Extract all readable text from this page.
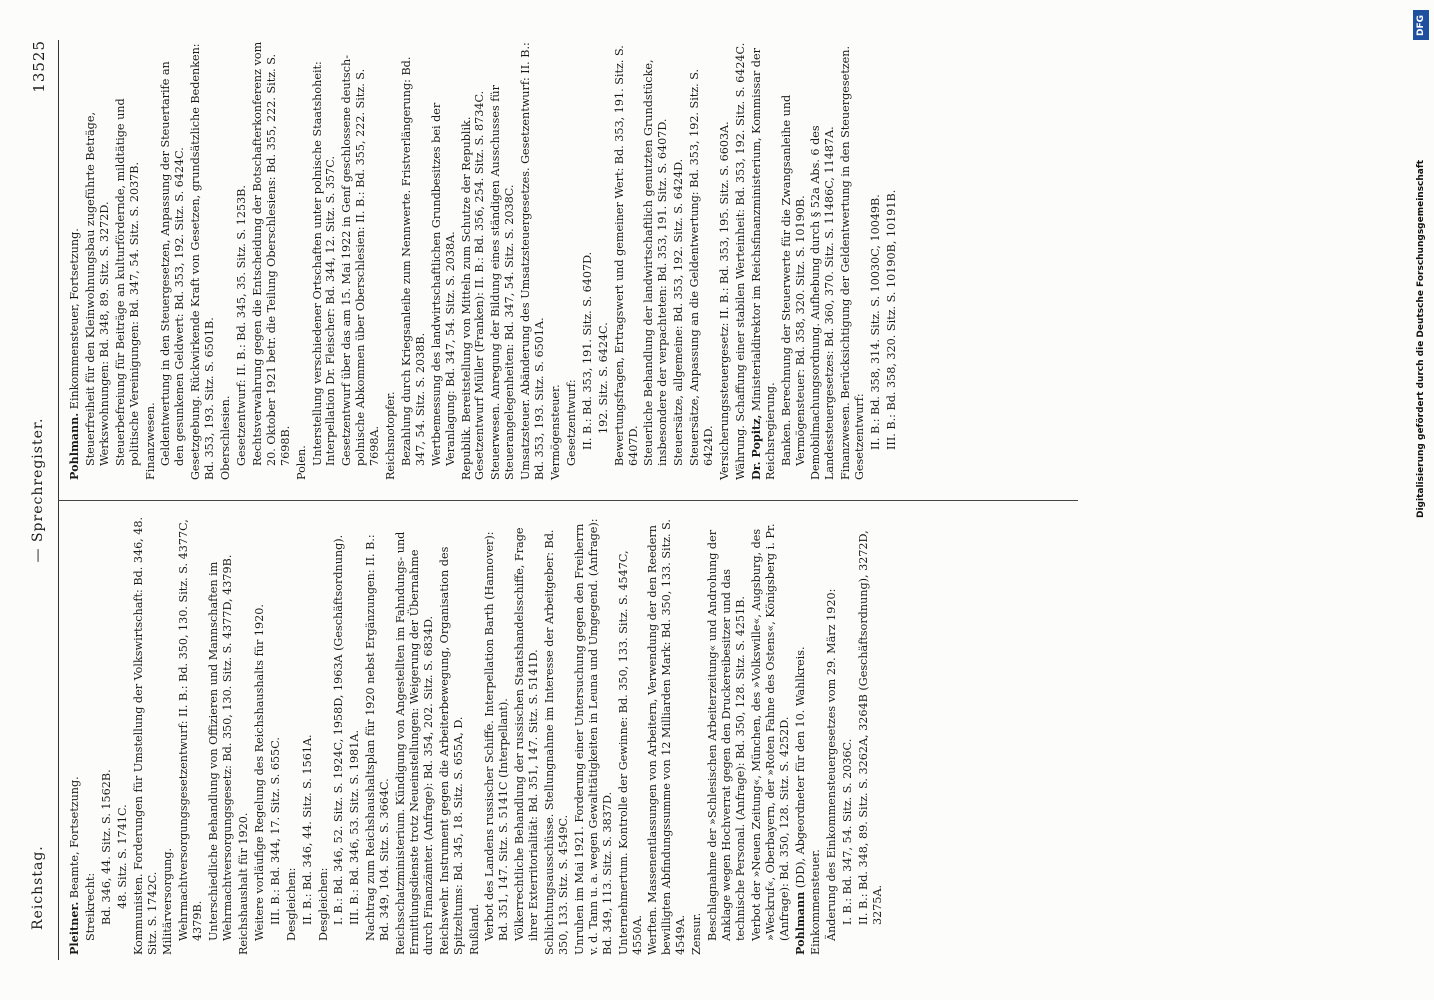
Reichstag.
— Sprechregister.
13525
Pleitner. Beamte, Fortsetzung.
Streikrecht: Bd. 346, 44. Sitz. S. 1562B. 48. Sitz. S. 1741C. Kommunisten. Forderungen für Umstellung der Volkswirtschaft: Bd. 346, 48. Sitz. S. 1742C. Militärversorgung. Wehrmachtversorgungsgesetzentwurf: II. B.: Bd. 350, 130. Sitz. S. 4377C, 4379B. Unterschiedliche Behandlung von Offizieren und Mannschaften im Wehrmachtversorgungsgesetz: Bd. 350, 130. Sitz. S. 4377D, 4379B. Reichshaushalt für 1920. Weitere vorläufige Regelung des Reichshaushalts für 1920. III. B.: Bd. 344, 17. Sitz. S. 655C. Desgleichen: II. B.: Bd. 346, 44. Sitz. S. 1561A. Desgleichen: I. B.: Bd. 346, 52. Sitz. S. 1924C, 1958D, 1963A (Geschäftsordnung). III. B.: Bd. 346, 53. Sitz. S. 1981A. Nachtrag zum Reichshaushaltsplan für 1920 nebst Ergänzungen: II. B.: Bd. 349, 104. Sitz. S. 3664C. Reichsschatzministerium. Kündigung von Angestellten im Fahndungs- und Ermittlungsdienste trotz Neueinstellungen: Weigerung der Übernahme durch Finanzämter. (Anfrage): Bd. 354, 202. Sitz. S. 6834D. Reichswehr. Instrument gegen die Arbeiterbewegung, Organisation des Spitzeltums: Bd. 345, 18. Sitz. S. 655A, D. Rußland. Verbot des Landens russischer Schiffe. Interpellation Barth (Hannover): Bd. 351, 147. Sitz. S. 5141C (Interpellant). Völkerrechtliche Behandlung der russischen Staatshandelsschiffe, Frage ihrer Exterritorialität: Bd. 351, 147. Sitz. S. 5141D. Schlichtungsausschüsse. Stellungnahme im Interesse der Arbeitgeber: Bd. 350, 133. Sitz. S. 4549C. Unruhen im Mai 1921. Forderung einer Untersuchung gegen den Freiherrn v. d. Tann u. a. wegen Gewalttätigkeiten in Leuna und Umgegend. (Anfrage): Bd. 349, 113. Sitz. S. 3837D. Unternehmertum. Kontrolle der Gewinne: Bd. 350, 133. Sitz. S. 4547C, 4550A. Werften. Massenentlassungen von Arbeitern, Verwendung der den Reedern bewilligten Abfindungssumme von 12 Milliarden Mark: Bd. 350, 133. Sitz. S. 4549A. Zensur. Beschlagnahme der »Schlesischen Arbeiterzeitung« und Androhung der Anklage wegen Hochverrat gegen den Druckereibesitzer und das technische Personal. (Anfrage): Bd. 350, 128. Sitz. S. 4251B. Verbot der »Neuen Zeitung«, München, des »Volkswille«, Augsburg, des »Weckruf«, Oberbayern, der »Roten Fahne des Ostens«, Königsberg i. Pr. (Anfrage): Bd. 350, 128. Sitz. S. 4252D. Pohlmann (DD), Abgeordneter für den 10. Wahlkreis.
Einkommensteuer. Änderung des Einkommensteuergesetzes vom 29. März 1920: I. B.: Bd. 347, 54. Sitz. S. 2036C. II. B.: Bd. 348, 89. Sitz. S. 3262A, 3264B (Geschäftsordnung), 3272D, 3275A.
Pohlmann. Einkommensteuer, Fortsetzung. Steuerfreiheit für den Kleinwohnungsbau zugeführte Beträge, Werkswohnungen: Bd. 348, 89. Sitz. S. 3272D. Steuerbefreiung für Beiträge an kulturfördernde, mildtätige und politische Vereinigungen: Bd. 347, 54. Sitz. S. 2037B. Finanzwesen. Geldentwertung in den Steuergesetzen, Anpassung der Steuertarife an den gesunkenen Geldwert: Bd. 353, 192. Sitz. S. 6424C. Gesetzgebung. Rückwirkende Kraft von Gesetzen, grundsätzliche Bedenken: Bd. 353, 193. Sitz. S. 6501B. Oberschlesien. Gesetzentwurf: II. B.: Bd. 345, 35. Sitz. S. 1253B. Rechtsverwahrung gegen die Entscheidung der Botschafterkonferenz vom 20. Oktober 1921 betr. die Teilung Oberschlesiens: Bd. 355, 222. Sitz. S. 7698B. Polen. Unterstellung verschiedener Ortschaften unter polnische Staatshoheit: Interpellation Dr. Fleischer: Bd. 344, 12. Sitz. S. 357C. Gesetzentwurf über das am 15. Mai 1922 in Genf geschlossene deutsch-polnische Abkommen über Oberschlesien: II. B.: Bd. 355, 222. Sitz. S. 7698A. Reichsnotopfer. Bezahlung durch Kriegsanleihe zum Nennwerte. Fristverlängerung: Bd. 347, 54. Sitz. S. 2038B. Wertbemessung des landwirtschaftlichen Grundbesitzes bei der Veranlagung: Bd. 347, 54. Sitz. S. 2038A. Republik. Bereitstellung von Mitteln zum Schutze der Republik. Gesetzentwurf Müller (Franken): II. B.: Bd. 356, 254. Sitz. S. 8734C. Steuerwesen. Anregung der Bildung eines ständigen Ausschusses für Steuerangelegenheiten: Bd. 347, 54. Sitz. S. 2038C. Umsatzsteuer. Abänderung des Umsatzsteuergesetzes. Gesetzentwurf: II. B.: Bd. 353, 193. Sitz. S. 6501A. Vermögensteuer. Gesetzentwurf: II. B.: Bd. 353, 191. Sitz. S. 6407D. 192. Sitz. S. 6424C. Bewertungsfragen, Ertragswert und gemeiner Wert: Bd. 353, 191. Sitz. S. 6407D. Steuerliche Behandlung der landwirtschaftlich genutzten Grundstücke, insbesondere der verpachteten: Bd. 353, 191. Sitz. S. 6407D. Steuersätze, allgemeine: Bd. 353, 192. Sitz. S. 6424D. Steuersätze, Anpassung an die Geldentwertung: Bd. 353, 192. Sitz. S. 6424D. Versicherungssteuergesetz: II. B.: Bd. 353, 195. Sitz. S. 6603A. Währung. Schaffung einer stabilen Werteinheit: Bd. 353, 192. Sitz. S. 6424C. Dr. Popitz, Ministerialdirektor im Reichsfinanzministerium, Kommissar der Reichsregierung. Banken. Berechnung der Steuerwerte für die Zwangsanleihe und Vermögensteuer: Bd. 358, 320. Sitz. S. 10190B. Demobilmachungsordnung. Aufhebung durch § 52a Abs. 6 des Landessteuergesetzes: Bd. 360, 370. Sitz. S. 11486C, 11487A. Finanzwesen. Berücksichtigung der Geldentwertung in den Steuergesetzen. Gesetzentwurf: II. B.: Bd. 358, 314. Sitz. S. 10030C, 10049B. III. B.: Bd. 358, 320. Sitz. S. 10190B, 10191B.
DFG
Digitalisierung gefördert durch die Deutsche Forschungsgemeinschaft
